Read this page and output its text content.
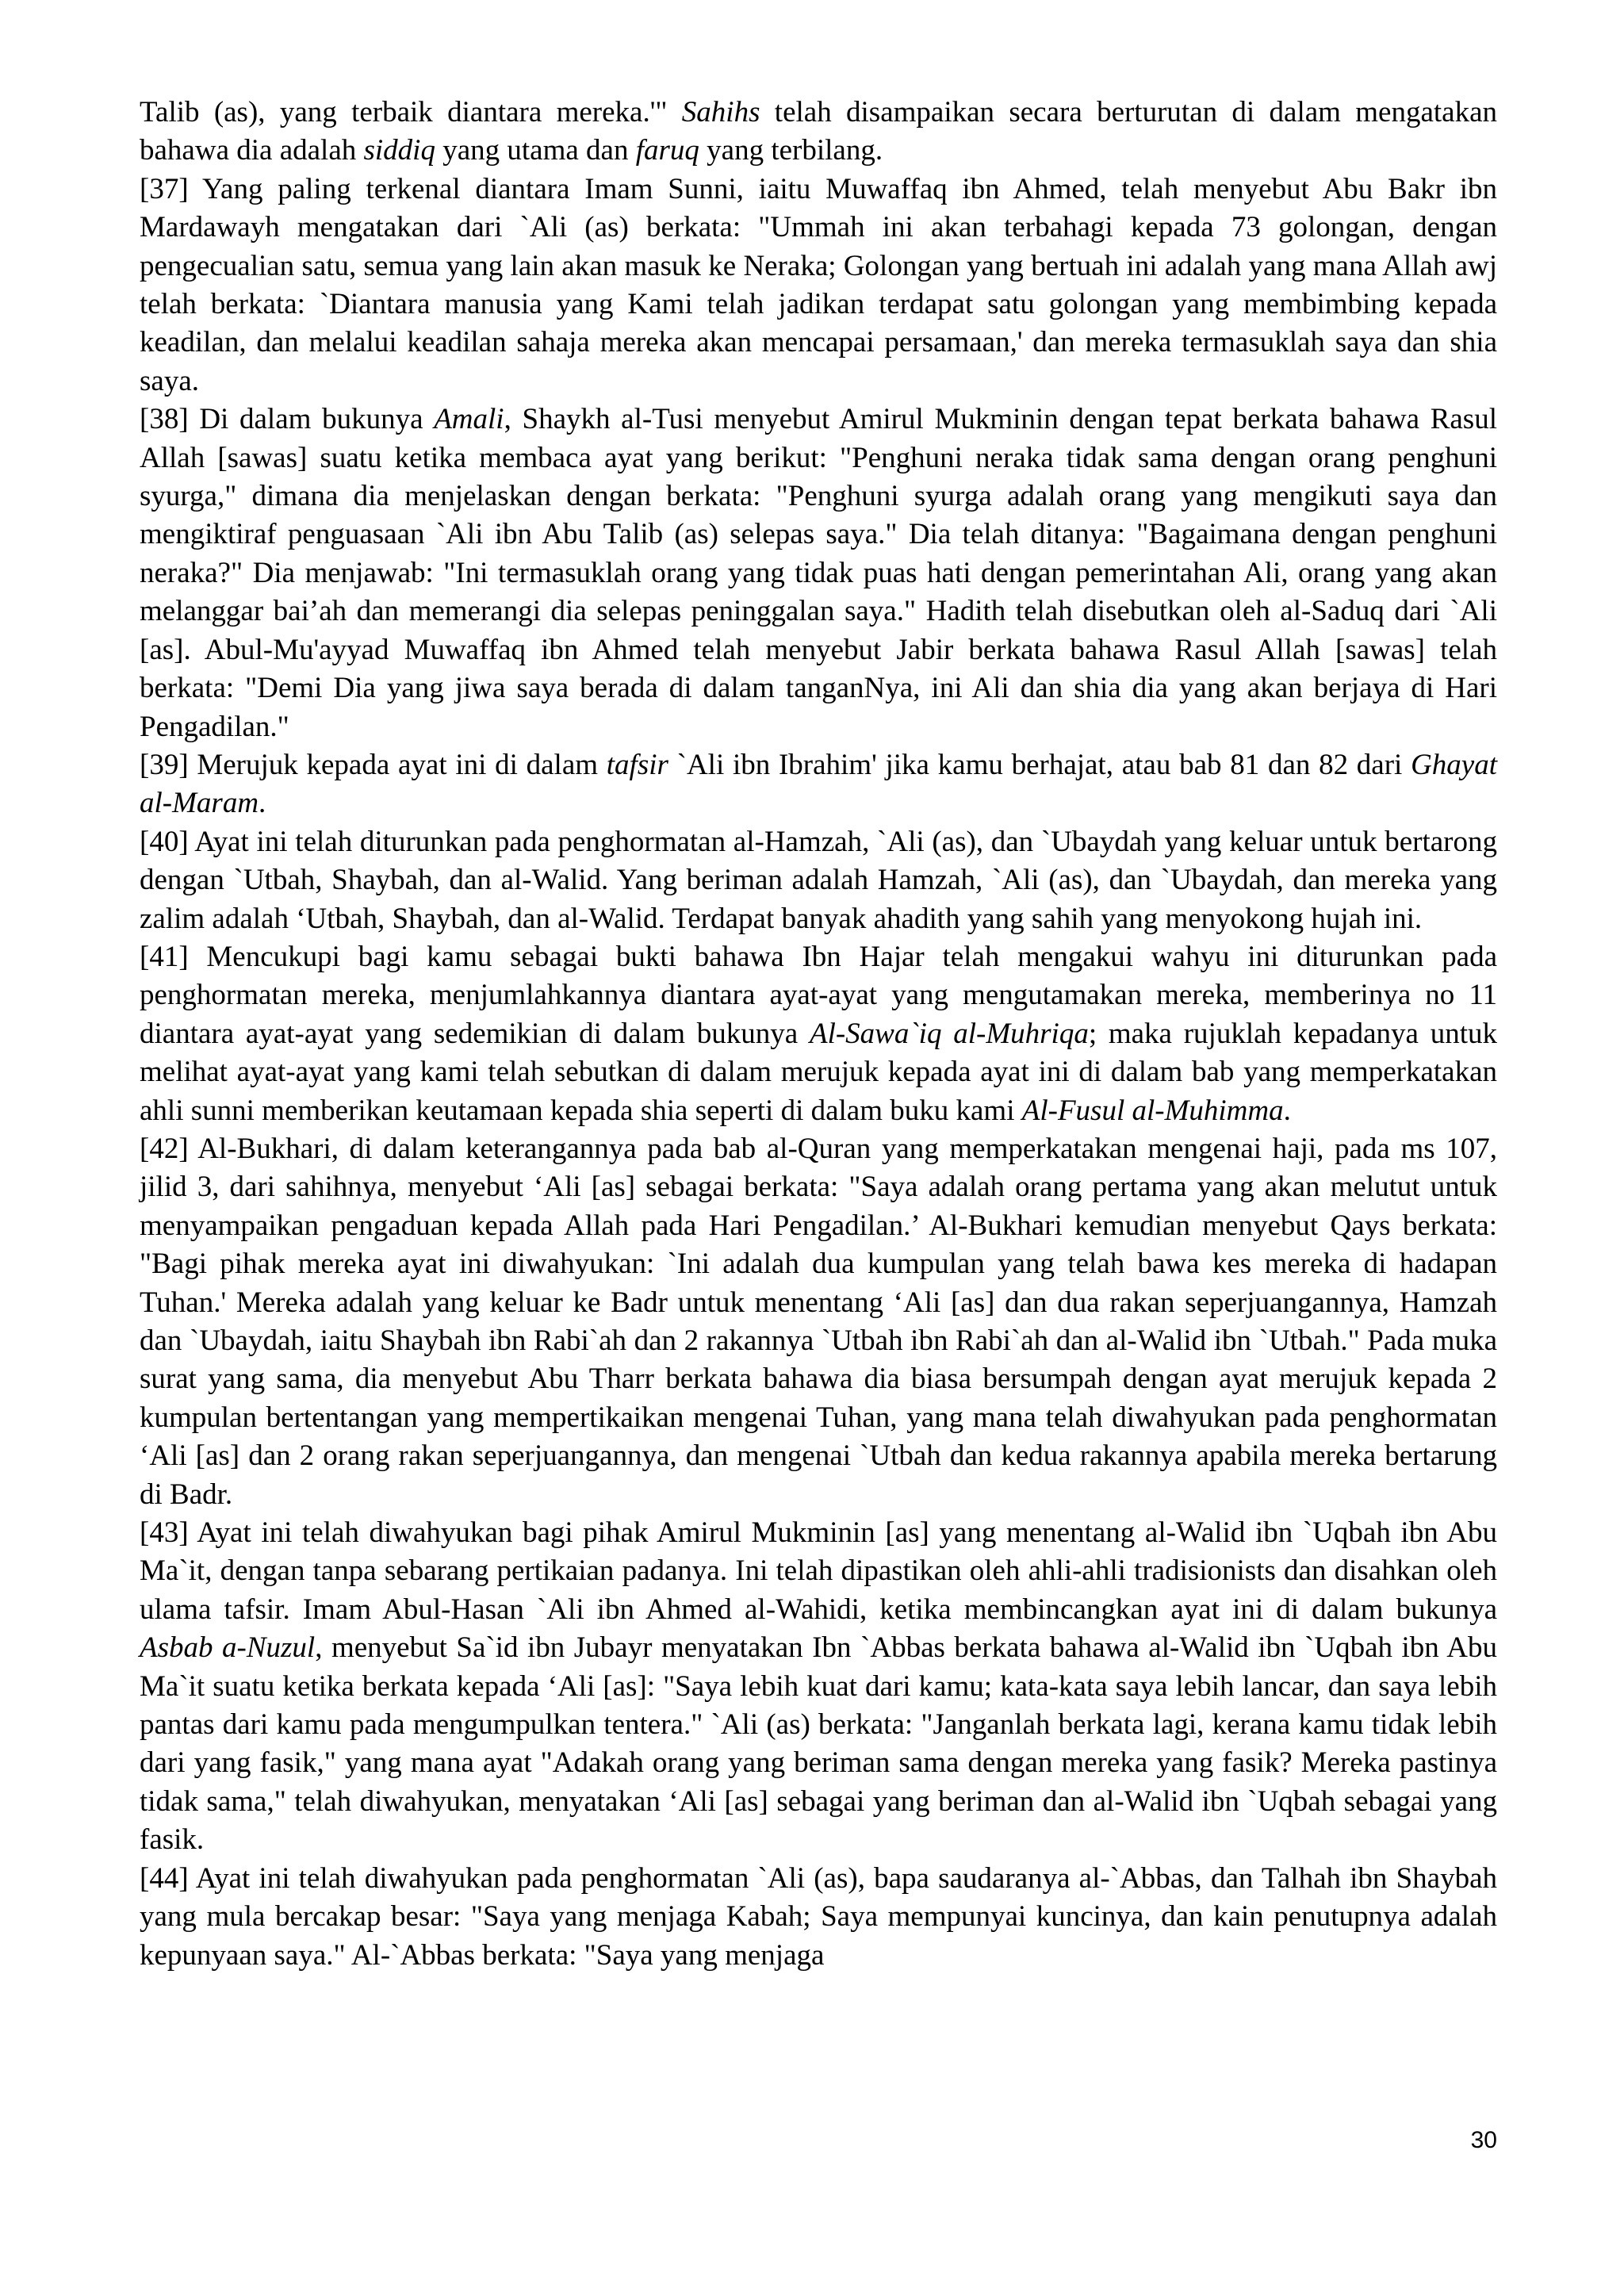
Talib (as), yang terbaik diantara mereka.'" Sahihs telah disampaikan secara berturutan di dalam mengatakan bahawa dia adalah siddiq yang utama dan faruq yang terbilang.

[37] Yang paling terkenal diantara Imam Sunni, iaitu Muwaffaq ibn Ahmed, telah menyebut Abu Bakr ibn Mardawayh mengatakan dari `Ali (as) berkata: "Ummah ini akan terbahagi kepada 73 golongan, dengan pengecualian satu, semua yang lain akan masuk ke Neraka; Golongan yang bertuah ini adalah yang mana Allah awj telah berkata: `Diantara manusia yang Kami telah jadikan terdapat satu golongan yang membimbing kepada keadilan, dan melalui keadilan sahaja mereka akan mencapai persamaan,' dan mereka termasuklah saya dan shia saya.

[38] Di dalam bukunya Amali, Shaykh al-Tusi menyebut Amirul Mukminin dengan tepat berkata bahawa Rasul Allah [sawas] suatu ketika membaca ayat yang berikut: "Penghuni neraka tidak sama dengan orang penghuni syurga," dimana dia menjelaskan dengan berkata: "Penghuni syurga adalah orang yang mengikuti saya dan mengiktiraf penguasaan `Ali ibn Abu Talib (as) selepas saya." Dia telah ditanya: "Bagaimana dengan penghuni neraka?" Dia menjawab: "Ini termasuklah orang yang tidak puas hati dengan pemerintahan Ali, orang yang akan melanggar bai’ah dan memerangi dia selepas peninggalan saya." Hadith telah disebutkan oleh al-Saduq dari `Ali [as]. Abul-Mu'ayyad Muwaffaq ibn Ahmed telah menyebut Jabir berkata bahawa Rasul Allah [sawas] telah berkata: "Demi Dia yang jiwa saya berada di dalam tanganNya, ini Ali dan shia dia yang akan berjaya di Hari Pengadilan."

[39] Merujuk kepada ayat ini di dalam tafsir `Ali ibn Ibrahim' jika kamu berhajat, atau bab 81 dan 82 dari Ghayat al-Maram.

[40] Ayat ini telah diturunkan pada penghormatan al-Hamzah, `Ali (as), dan `Ubaydah yang keluar untuk bertarong dengan `Utbah, Shaybah, dan al-Walid. Yang beriman adalah Hamzah, `Ali (as), dan `Ubaydah, dan mereka yang zalim adalah ‘Utbah, Shaybah, dan al-Walid. Terdapat banyak ahadith yang sahih yang menyokong hujah ini.

[41] Mencukupi bagi kamu sebagai bukti bahawa Ibn Hajar telah mengakui wahyu ini diturunkan pada penghormatan mereka, menjumlahkannya diantara ayat-ayat yang mengutamakan mereka, memberinya no 11 diantara ayat-ayat yang sedemikian di dalam bukunya Al-Sawa`iq al-Muhriqa; maka rujuklah kepadanya untuk melihat ayat-ayat yang kami telah sebutkan di dalam merujuk kepada ayat ini di dalam bab yang memperkatakan ahli sunni memberikan keutamaan kepada shia seperti di dalam buku kami Al-Fusul al-Muhimma.

[42] Al-Bukhari, di dalam keterangannya pada bab al-Quran yang memperkatakan mengenai haji, pada ms 107, jilid 3, dari sahihnya, menyebut ‘Ali [as] sebagai berkata: "Saya adalah orang pertama yang akan melutut untuk menyampaikan pengaduan kepada Allah pada Hari Pengadilan.’ Al-Bukhari kemudian menyebut Qays berkata: "Bagi pihak mereka ayat ini diwahyukan: `Ini adalah dua kumpulan yang telah bawa kes mereka di hadapan Tuhan.' Mereka adalah yang keluar ke Badr untuk menentang ‘Ali [as] dan dua rakan seperjuangannya, Hamzah dan `Ubaydah, iaitu Shaybah ibn Rabi`ah dan 2 rakannya `Utbah ibn Rabi`ah dan al-Walid ibn `Utbah." Pada muka surat yang sama, dia menyebut Abu Tharr berkata bahawa dia biasa bersumpah dengan ayat merujuk kepada 2 kumpulan bertentangan yang mempertikaikan mengenai Tuhan, yang mana telah diwahyukan pada penghormatan ‘Ali [as] dan 2 orang rakan seperjuangannya, dan mengenai `Utbah dan kedua rakannya apabila mereka bertarung di Badr.

[43] Ayat ini telah diwahyukan bagi pihak Amirul Mukminin [as] yang menentang al-Walid ibn `Uqbah ibn Abu Ma`it, dengan tanpa sebarang pertikaian padanya. Ini telah dipastikan oleh ahli-ahli tradisionists dan disahkan oleh ulama tafsir. Imam Abul-Hasan `Ali ibn Ahmed al-Wahidi, ketika membincangkan ayat ini di dalam bukunya Asbab a-Nuzul, menyebut Sa`id ibn Jubayr menyatakan Ibn `Abbas berkata bahawa al-Walid ibn `Uqbah ibn Abu Ma`it suatu ketika berkata kepada ‘Ali [as]: "Saya lebih kuat dari kamu; kata-kata saya lebih lancar, dan saya lebih pantas dari kamu pada mengumpulkan tentera." `Ali (as) berkata: "Janganlah berkata lagi, kerana kamu tidak lebih dari yang fasik," yang mana ayat "Adakah orang yang beriman sama dengan mereka yang fasik? Mereka pastinya tidak sama," telah diwahyukan, menyatakan ‘Ali [as] sebagai yang beriman dan al-Walid ibn `Uqbah sebagai yang fasik.

[44] Ayat ini telah diwahyukan pada penghormatan `Ali (as), bapa saudaranya al-`Abbas, dan Talhah ibn Shaybah yang mula bercakap besar: "Saya yang menjaga Kabah; Saya mempunyai kuncinya, dan kain penutupnya adalah kepunyaan saya." Al-`Abbas berkata: "Saya yang menjaga

30
